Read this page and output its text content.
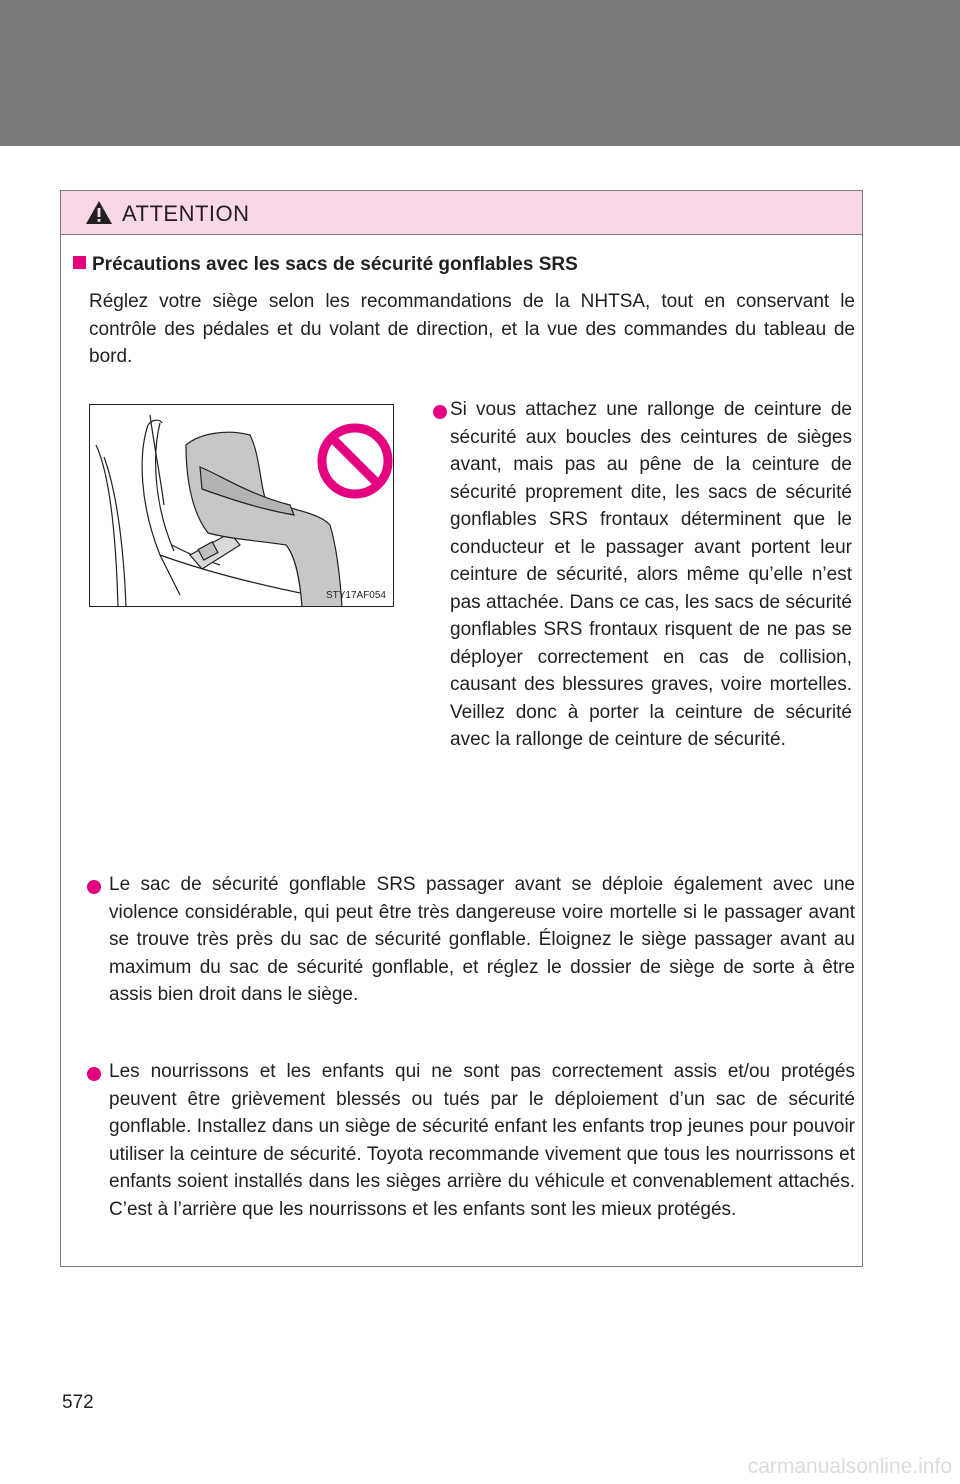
ATTENTION
Précautions avec les sacs de sécurité gonflables SRS
Réglez votre siège selon les recommandations de la NHTSA, tout en conservant le contrôle des pédales et du volant de direction, et la vue des commandes du tableau de bord.
STY17AF054
Si vous attachez une rallonge de ceinture de sécurité aux boucles des ceintures de sièges avant, mais pas au pêne de la ceinture de sécurité proprement dite, les sacs de sécurité gonflables SRS frontaux déterminent que le conducteur et le passager avant portent leur ceinture de sécurité, alors même qu’elle n’est pas attachée. Dans ce cas, les sacs de sécurité gonflables SRS frontaux risquent de ne pas se déployer correctement en cas de collision, causant des blessures graves, voire mortelles. Veillez donc à porter la ceinture de sécurité avec la rallonge de ceinture de sécurité.
Le sac de sécurité gonflable SRS passager avant se déploie également avec une violence considérable, qui peut être très dangereuse voire mortelle si le passager avant se trouve très près du sac de sécurité gonflable. Éloignez le siège passager avant au maximum du sac de sécurité gonflable, et réglez le dossier de siège de sorte à être assis bien droit dans le siège.
Les nourrissons et les enfants qui ne sont pas correctement assis et/ou protégés peuvent être grièvement blessés ou tués par le déploiement d’un sac de sécurité gonflable. Installez dans un siège de sécurité enfant les enfants trop jeunes pour pouvoir utiliser la ceinture de sécurité. Toyota recommande vivement que tous les nourrissons et enfants soient installés dans les sièges arrière du véhicule et convenablement attachés. C’est à l’arrière que les nourrissons et les enfants sont les mieux protégés.
572
carmanualsonline.info
